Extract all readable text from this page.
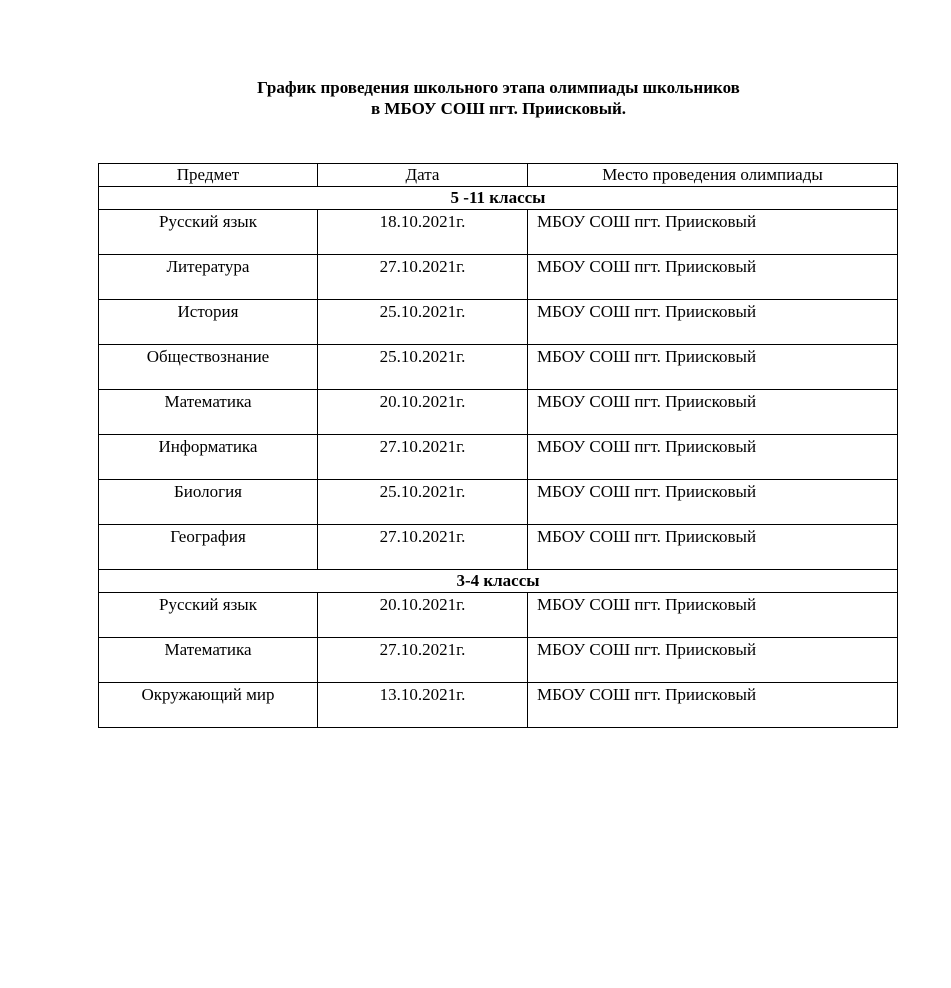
График проведения школьного этапа олимпиады школьников
в МБОУ СОШ пгт. Приисковый.
Предмет	Дата	Место проведения олимпиады
5 -11 классы		
Русский язык	18.10.2021г.	МБОУ СОШ пгт. Приисковый
Литература	27.10.2021г.	МБОУ СОШ пгт. Приисковый
История	25.10.2021г.	МБОУ СОШ пгт. Приисковый
Обществознание	25.10.2021г.	МБОУ СОШ пгт. Приисковый
Математика	20.10.2021г.	МБОУ СОШ пгт. Приисковый
Информатика	27.10.2021г.	МБОУ СОШ пгт. Приисковый
Биология	25.10.2021г.	МБОУ СОШ пгт. Приисковый
География	27.10.2021г.	МБОУ СОШ пгт. Приисковый
3-4 классы		
Русский язык	20.10.2021г.	МБОУ СОШ пгт. Приисковый
Математика	27.10.2021г.	МБОУ СОШ пгт. Приисковый
Окружающий мир	13.10.2021г.	МБОУ СОШ пгт. Приисковый
